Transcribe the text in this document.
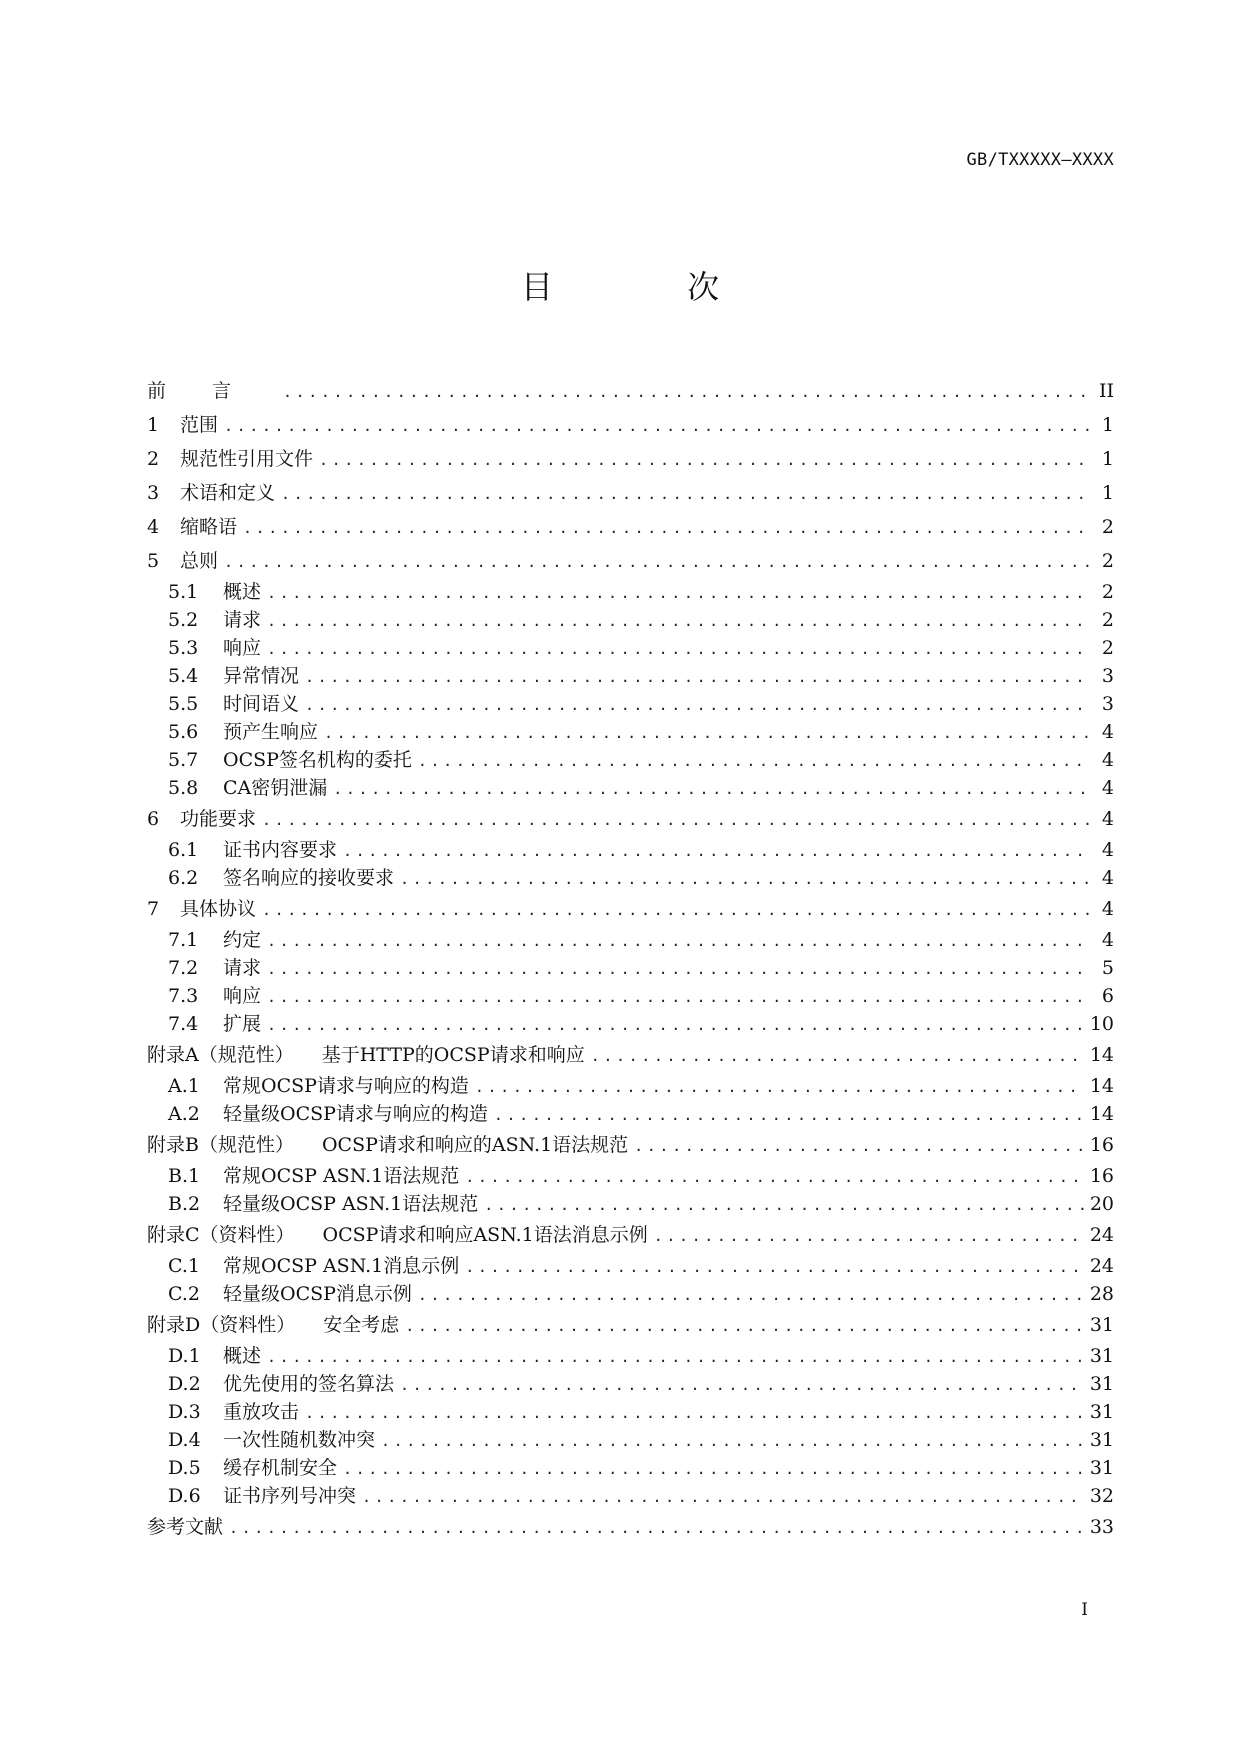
GB/TXXXXX—XXXX
目 次
前言 .....	II
1	范围 .....	1
2	规范性引用文件 .....	1
3	术语和定义 .....	1
4	缩略语 .....	2
5	总则 .....	2
5.1	概述 .....	2
5.2	请求 .....	2
5.3	响应 .....	2
5.4	异常情况 .....	3
5.5	时间语义 .....	3
5.6	预产生响应 .....	4
5.7	OCSP签名机构的委托 .....	4
5.8	CA密钥泄漏 .....	4
6	功能要求 .....	4
6.1	证书内容要求 .....	4
6.2	签名响应的接收要求 .....	4
7	具体协议 .....	4
7.1	约定 .....	4
7.2	请求 .....	5
7.3	响应 .....	6
7.4	扩展 .....	10
附录A（规范性） 基于HTTP的OCSP请求和响应 .....	14
A.1	常规OCSP请求与响应的构造 .....	14
A.2	轻量级OCSP请求与响应的构造 .....	14
附录B（规范性） OCSP请求和响应的ASN.1语法规范 .....	16
B.1	常规OCSP ASN.1语法规范 .....	16
B.2	轻量级OCSP ASN.1语法规范 .....	20
附录C（资料性） OCSP请求和响应ASN.1语法消息示例 .....	24
C.1	常规OCSP ASN.1消息示例 .....	24
C.2	轻量级OCSP消息示例 .....	28
附录D（资料性） 安全考虑 .....	31
D.1	概述 .....	31
D.2	优先使用的签名算法 .....	31
D.3	重放攻击 .....	31
D.4	一次性随机数冲突 .....	31
D.5	缓存机制安全 .....	31
D.6	证书序列号冲突 .....	32
参考文献 .....	33
I
